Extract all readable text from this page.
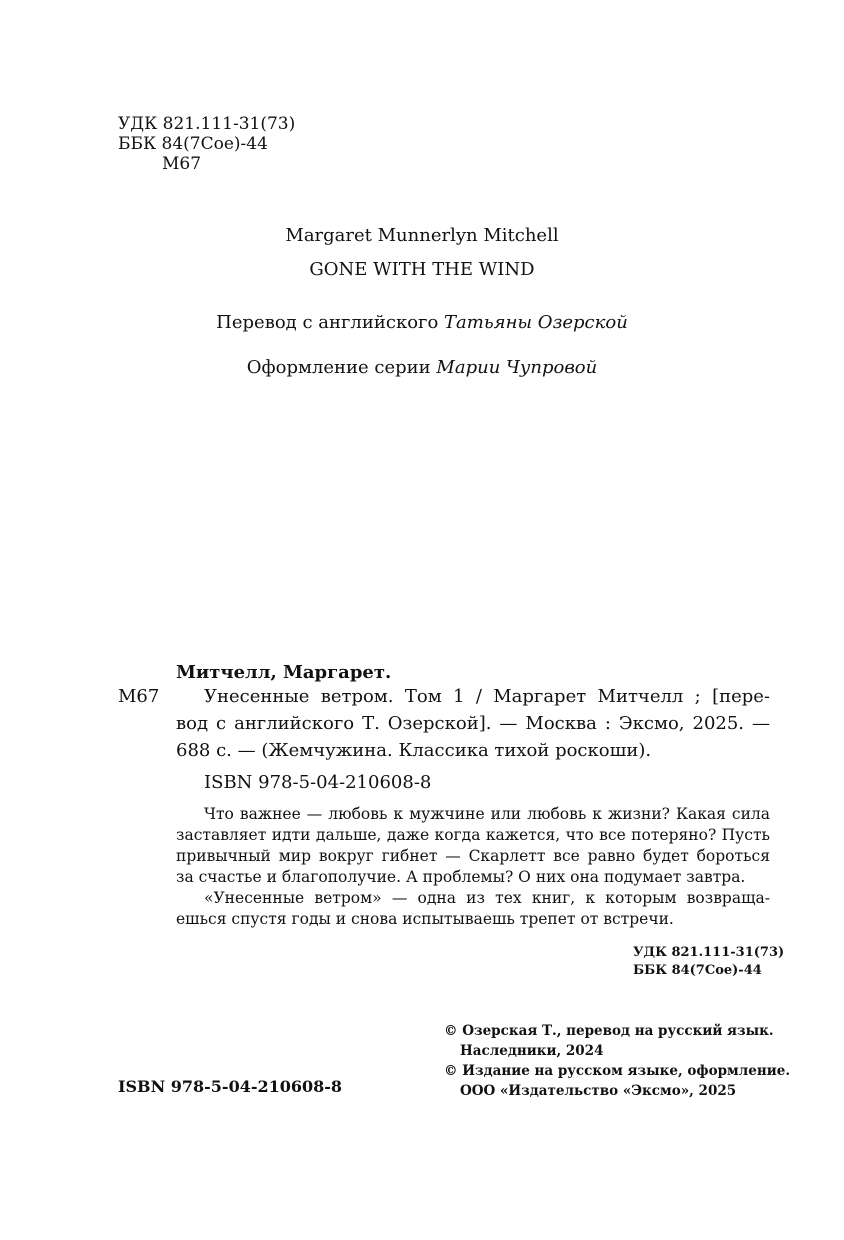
УДК 821.111-31(73)
ББК 84(7Сое)-44
М67
Margaret Munnerlyn Mitchell
GONE WITH THE WIND
Перевод с английского Татьяны Озерской
Оформление серии Марии Чупровой
Митчелл, Маргарет.
М67	Унесенные ветром. Том 1 / Маргарет Митчелл ; [пере-
вод с английского Т. Озерской]. — Москва : Эксмо, 2025. —
688 с. — (Жемчужина. Классика тихой роскоши).
ISBN 978-5-04-210608-8
Что важнее — любовь к мужчине или любовь к жизни? Какая сила
заставляет идти дальше, даже когда кажется, что все потеряно? Пусть
привычный мир вокруг гибнет — Скарлетт все равно будет бороться
за счастье и благополучие. А проблемы? О них она подумает завтра.
«Унесенные ветром» — одна из тех книг, к которым возвраща-
ешься спустя годы и снова испытываешь трепет от встречи.
УДК 821.111-31(73)
ББК 84(7Сое)-44
© Озерская Т., перевод на русский язык.
Наследники, 2024
© Издание на русском языке, оформление.
ООО «Издательство «Эксмо», 2025
ISBN 978-5-04-210608-8
